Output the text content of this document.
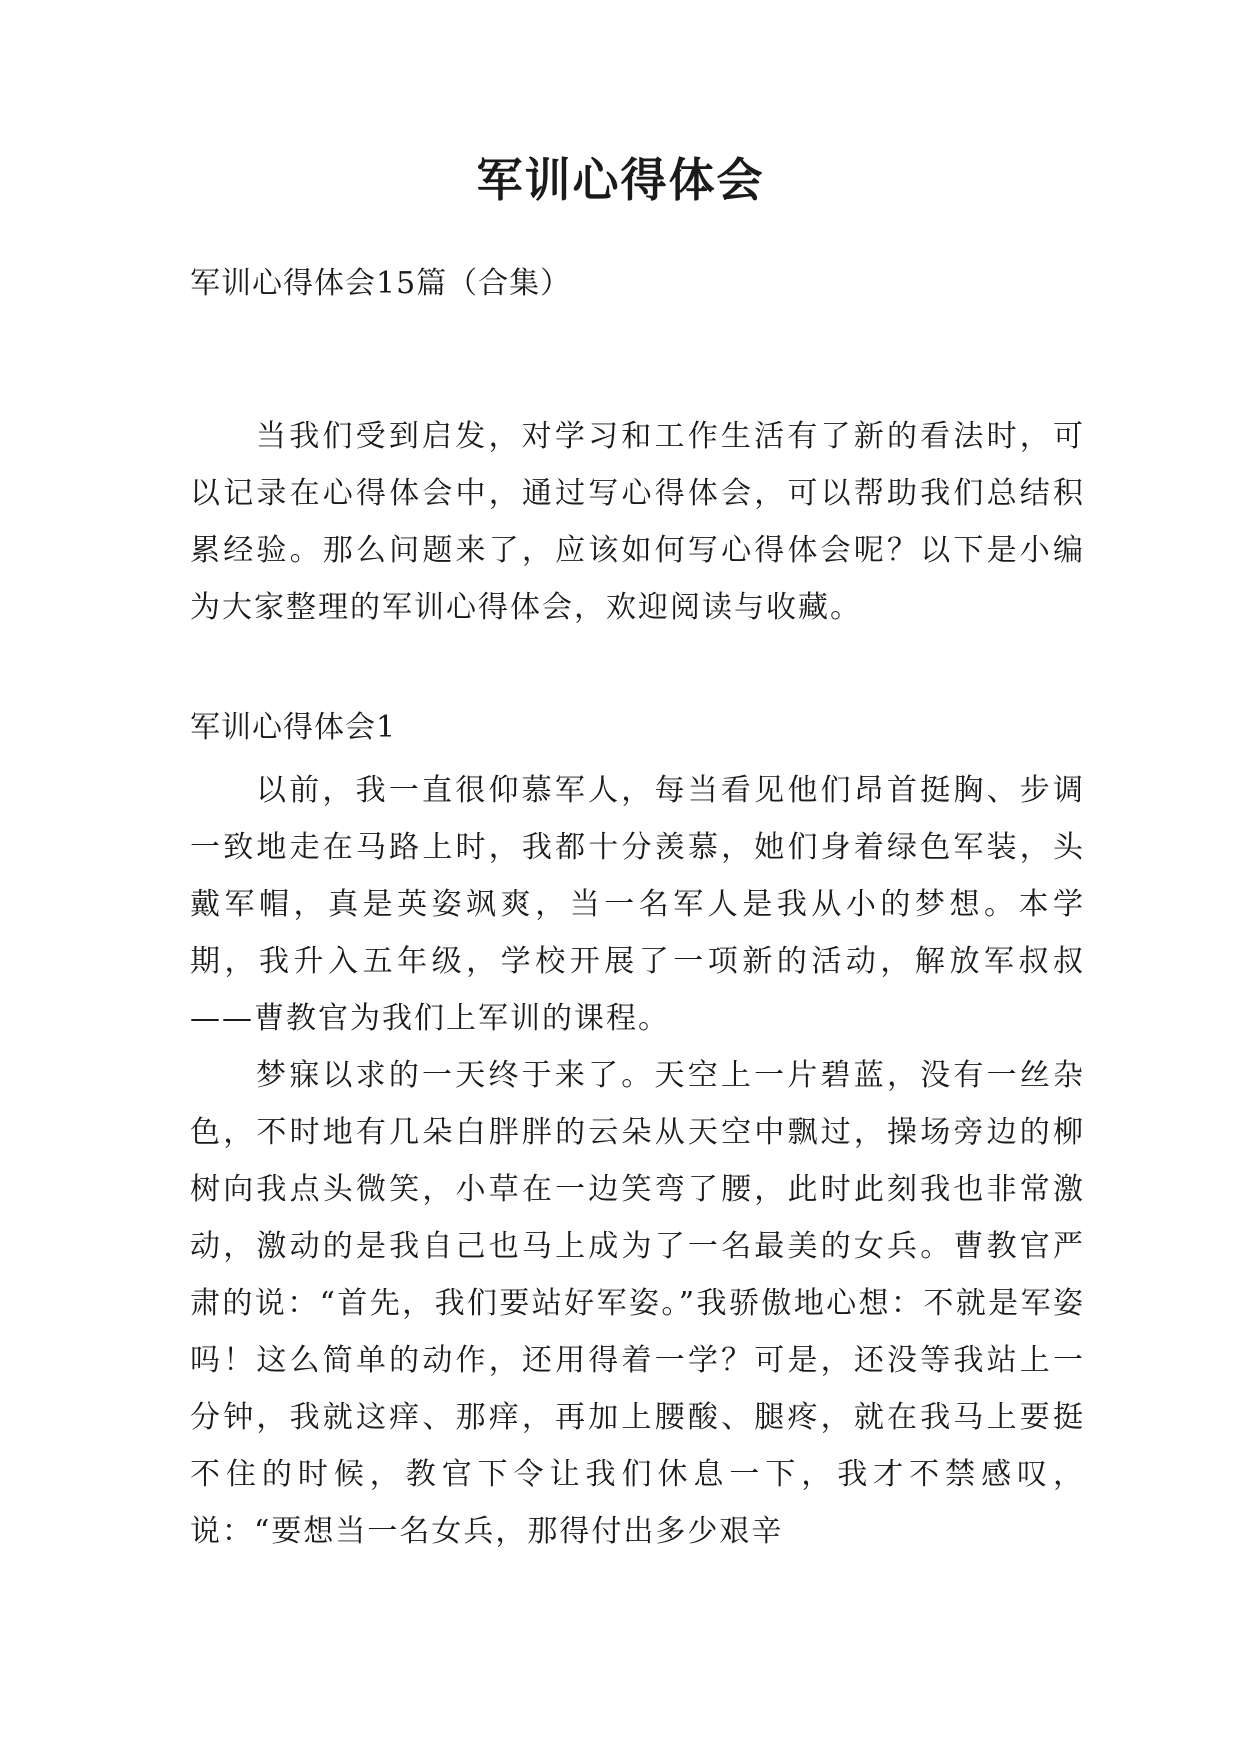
军训心得体会
军训心得体会15篇（合集）

当我们受到启发，对学习和工作生活有了新的看法时，可以记录在心得体会中，通过写心得体会，可以帮助我们总结积累经验。那么问题来了，应该如何写心得体会呢？以下是小编为大家整理的军训心得体会，欢迎阅读与收藏。

军训心得体会1

以前，我一直很仰慕军人，每当看见他们昂首挺胸、步调一致地走在马路上时，我都十分羡慕，她们身着绿色军装，头戴军帽，真是英姿飒爽，当一名军人是我从小的梦想。本学期，我升入五年级，学校开展了一项新的活动，解放军叔叔——曹教官为我们上军训的课程。

梦寐以求的一天终于来了。天空上一片碧蓝，没有一丝杂色，不时地有几朵白胖胖的云朵从天空中飘过，操场旁边的柳树向我点头微笑，小草在一边笑弯了腰，此时此刻我也非常激动，激动的是我自己也马上成为了一名最美的女兵。曹教官严肃的说：“首先，我们要站好军姿。”我骄傲地心想：不就是军姿吗！这么简单的动作，还用得着一学？可是，还没等我站上一分钟，我就这痒、那痒，再加上腰酸、腿疼，就在我马上要挺不住的时候，教官下令让我们休息一下，我才不禁感叹，说：“要想当一名女兵，那得付出多少艰辛
